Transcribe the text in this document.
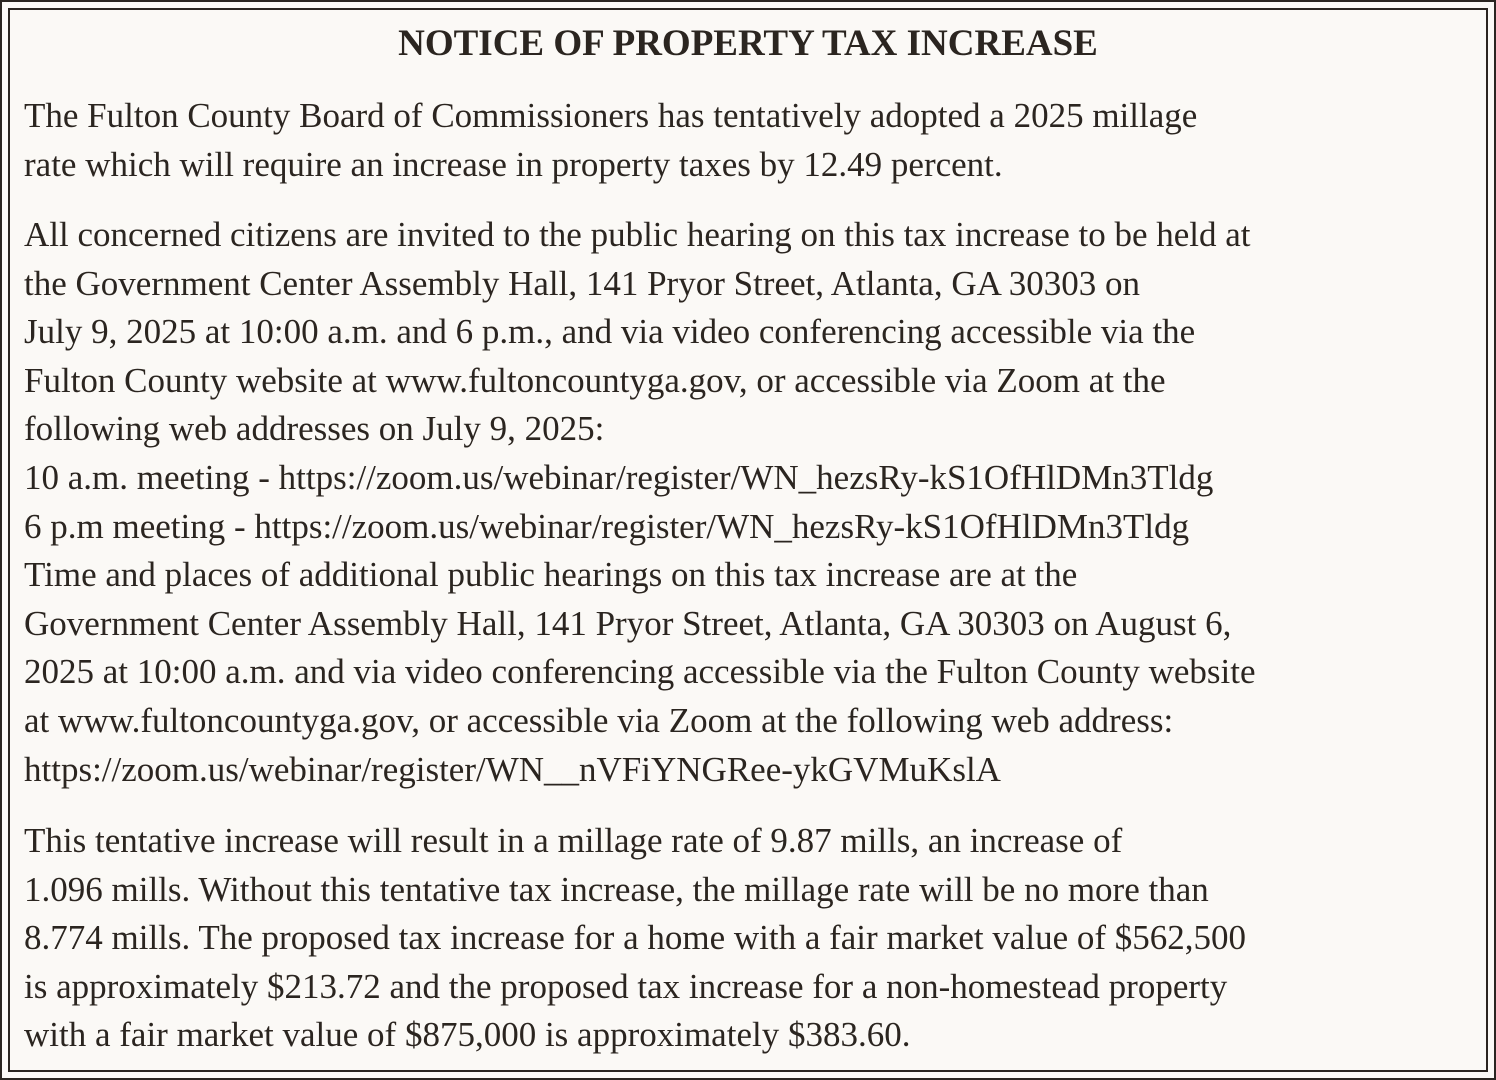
NOTICE OF PROPERTY TAX INCREASE

The Fulton County Board of Commissioners has tentatively adopted a 2025 millage
rate which will require an increase in property taxes by 12.49 percent.

All concerned citizens are invited to the public hearing on this tax increase to be held at
the Government Center Assembly Hall, 141 Pryor Street, Atlanta, GA 30303 on
July 9, 2025 at 10:00 a.m. and 6 p.m., and via video conferencing accessible via the
Fulton County website at www.fultoncountyga.gov, or accessible via Zoom at the
following web addresses on July 9, 2025:
10 a.m. meeting - https://zoom.us/webinar/register/WN_hezsRy-kS1OfHlDMn3Tldg
6 p.m meeting - https://zoom.us/webinar/register/WN_hezsRy-kS1OfHlDMn3Tldg
Time and places of additional public hearings on this tax increase are at the
Government Center Assembly Hall, 141 Pryor Street, Atlanta, GA 30303 on August 6,
2025 at 10:00 a.m. and via video conferencing accessible via the Fulton County website
at www.fultoncountyga.gov, or accessible via Zoom at the following web address:
https://zoom.us/webinar/register/WN__nVFiYNGRee-ykGVMuKslA

This tentative increase will result in a millage rate of 9.87 mills, an increase of
1.096 mills. Without this tentative tax increase, the millage rate will be no more than
8.774 mills. The proposed tax increase for a home with a fair market value of $562,500
is approximately $213.72 and the proposed tax increase for a non-homestead property
with a fair market value of $875,000 is approximately $383.60.
